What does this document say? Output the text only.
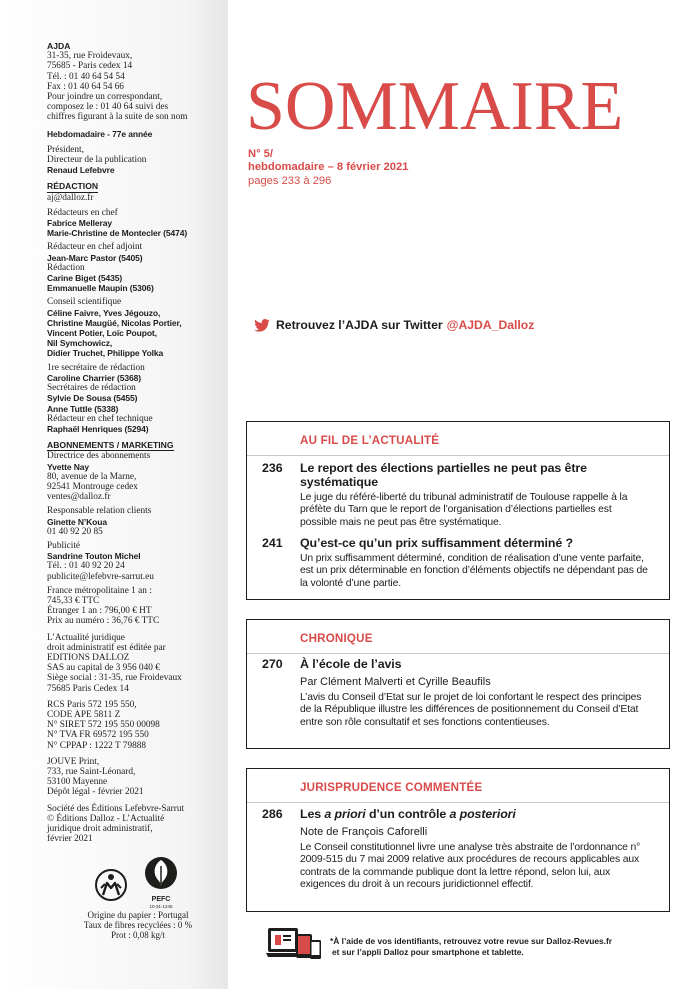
AJDA
31-35, rue Froidevaux,
75685 - Paris cedex 14
Tél. : 01 40 64 54 54
Fax : 01 40 64 54 66
Pour joindre un correspondant,
composez le : 01 40 64 suivi des
chiffres figurant à la suite de son nom
Hebdomadaire - 77e année
Président,
Directeur de la publication
Renaud Lefebvre
RÉDACTION
aj@dalloz.fr
Rédacteurs en chef
Fabrice Melleray
Marie-Christine de Montecler (5474)
Rédacteur en chef adjoint
Jean-Marc Pastor (5405)
Rédaction
Carine Biget (5435)
Emmanuelle Maupin (5306)
Conseil scientifique
Céline Faivre, Yves Jégouzo,
Christine Maugüé, Nicolas Portier,
Vincent Potier, Loïc Poupot,
Nil Symchowicz,
Didier Truchet, Philippe Yolka
1re secrétaire de rédaction
Caroline Charrier (5368)
Secrétaires de rédaction
Sylvie De Sousa (5455)
Anne Tuttle (5338)
Rédacteur en chef technique
Raphaël Henriques (5294)
ABONNEMENTS / MARKETING
Directrice des abonnements
Yvette Nay
80, avenue de la Marne,
92541 Montrouge cedex
ventes@dalloz.fr
Responsable relation clients
Ginette N’Koua
01 40 92 20 85
Publicité
Sandrine Touton Michel
Tél. : 01 40 92 20 24
publicite@lefebvre-sarrut.eu
France métropolitaine 1 an :
745,33 € TTC
Étranger 1 an : 796,00 € HT
Prix au numéro : 36,76 € TTC
L’Actualité juridique
droit administratif est éditée par
EDITIONS DALLOZ
SAS au capital de 3 956 040 €
Siège social : 31-35, rue Froidevaux
75685 Paris Cedex 14
RCS Paris 572 195 550,
CODE APE 5811 Z
N° SIRET 572 195 550 00098
N° TVA FR 69572 195 550
N° CPPAP : 1222 T 79888
JOUVE Print,
733, rue Saint-Léonard,
53100 Mayenne
Dépôt légal - février 2021
Société des Éditions Lefebvre-Sarrut
© Éditions Dalloz - L’Actualité
juridique droit administratif,
février 2021
PEFC
10-31-1245
Origine du papier : Portugal
Taux de fibres recyclées : 0 %
Prot : 0,08 kg/t
SOMMAIRE
N° 5/
hebdomadaire – 8 février 2021
pages 233 à 296
Retrouvez l’AJDA sur Twitter @AJDA_Dalloz
AU FIL DE L’ACTUALITÉ
236 Le report des élections partielles ne peut pas être systématique
Le juge du référé-liberté du tribunal administratif de Toulouse rappelle à la préfète du Tarn que le report de l’organisation d’élections partielles est possible mais ne peut pas être systématique.
241 Qu’est-ce qu’un prix suffisamment déterminé ?
Un prix suffisamment déterminé, condition de réalisation d’une vente parfaite, est un prix déterminable en fonction d’éléments objectifs ne dépendant pas de la volonté d’une partie.
CHRONIQUE
270 À l’école de l’avis
Par Clément Malverti et Cyrille Beaufils
L’avis du Conseil d’Etat sur le projet de loi confortant le respect des principes de la République illustre les différences de positionnement du Conseil d’Etat entre son rôle consultatif et ses fonctions contentieuses.
JURISPRUDENCE COMMENTÉE
286 Les a priori d’un contrôle a posteriori
Note de François Caforelli
Le Conseil constitutionnel livre une analyse très abstraite de l’ordonnance n° 2009-515 du 7 mai 2009 relative aux procédures de recours applicables aux contrats de la commande publique dont la lettre répond, selon lui, aux exigences du droit à un recours juridictionnel effectif.
*À l’aide de vos identifiants, retrouvez votre revue sur Dalloz-Revues.fr
et sur l’appli Dalloz pour smartphone et tablette.
